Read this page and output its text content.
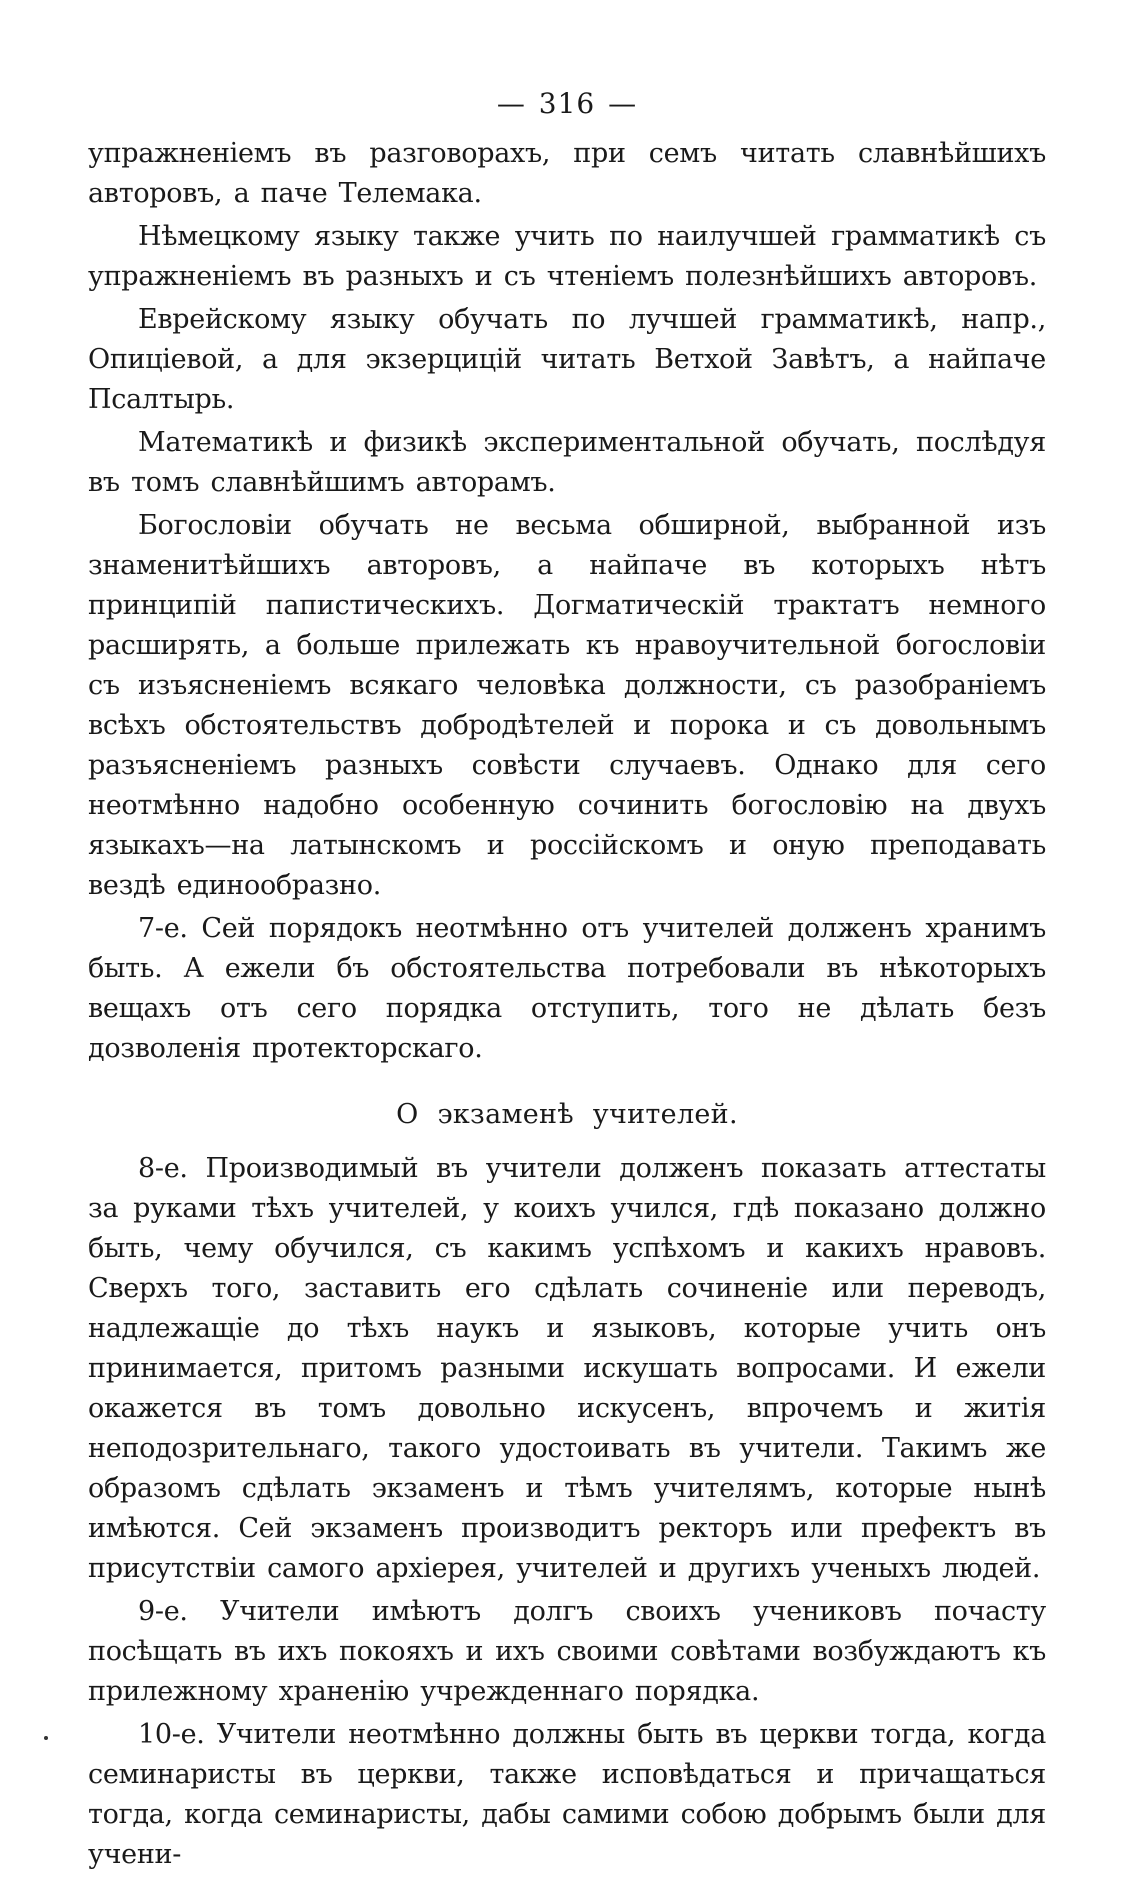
— 316 —

упражненіемъ въ разговорахъ, при семъ читать славнѣйшихъ авторовъ, а паче Телемака.

Нѣмецкому языку также учить по наилучшей грамматикѣ съ упражненіемъ въ разныхъ и съ чтеніемъ полезнѣйшихъ авторовъ.

Еврейскому языку обучать по лучшей грамматикѣ, напр., Опиціевой, а для экзерцицій читать Ветхой Завѣтъ, а найпаче Псалтырь.

Математикѣ и физикѣ экспериментальной обучать, послѣдуя въ томъ славнѣйшимъ авторамъ.

Богословіи обучать не весьма обширной, выбранной изъ знаменитѣйшихъ авторовъ, а найпаче въ которыхъ нѣтъ принципій папистическихъ. Догматическій трактатъ немного расширять, а больше прилежать къ нравоучительной богословіи съ изъясненіемъ всякаго человѣка должности, съ разобраніемъ всѣхъ обстоятельствъ добродѣтелей и порока и съ довольнымъ разъясненіемъ разныхъ совѣсти случаевъ. Однако для сего неотмѣнно надобно особенную сочинить богословію на двухъ языкахъ—на латынскомъ и россійскомъ и оную преподавать вездѣ единообразно.

7-е. Сей порядокъ неотмѣнно отъ учителей долженъ хранимъ быть. А ежели бъ обстоятельства потребовали въ нѣкоторыхъ вещахъ отъ сего порядка отступить, того не дѣлать безъ дозволенія протекторскаго.

О экзаменѣ учителей.

8-е. Производимый въ учители долженъ показать аттестаты за руками тѣхъ учителей, у коихъ учился, гдѣ показано должно быть, чему обучился, съ какимъ успѣхомъ и какихъ нравовъ. Сверхъ того, заставить его сдѣлать сочиненіе или переводъ, надлежащіе до тѣхъ наукъ и языковъ, которые учить онъ принимается, притомъ разными искушать вопросами. И ежели окажется въ томъ довольно искусенъ, впрочемъ и житія неподозрительнаго, такого удостоивать въ учители. Такимъ же образомъ сдѣлать экзаменъ и тѣмъ учителямъ, которые нынѣ имѣются. Сей экзаменъ производитъ ректоръ или префектъ въ присутствіи самого архіерея, учителей и другихъ ученыхъ людей.

9-е. Учители имѣютъ долгъ своихъ учениковъ почасту посѣщать въ ихъ покояхъ и ихъ своими совѣтами возбуждаютъ къ прилежному храненію учрежденнаго порядка.

10-е. Учители неотмѣнно должны быть въ церкви тогда, когда семинаристы въ церкви, также исповѣдаться и причащаться тогда, когда семинаристы, дабы самими собою добрымъ были для учени-
